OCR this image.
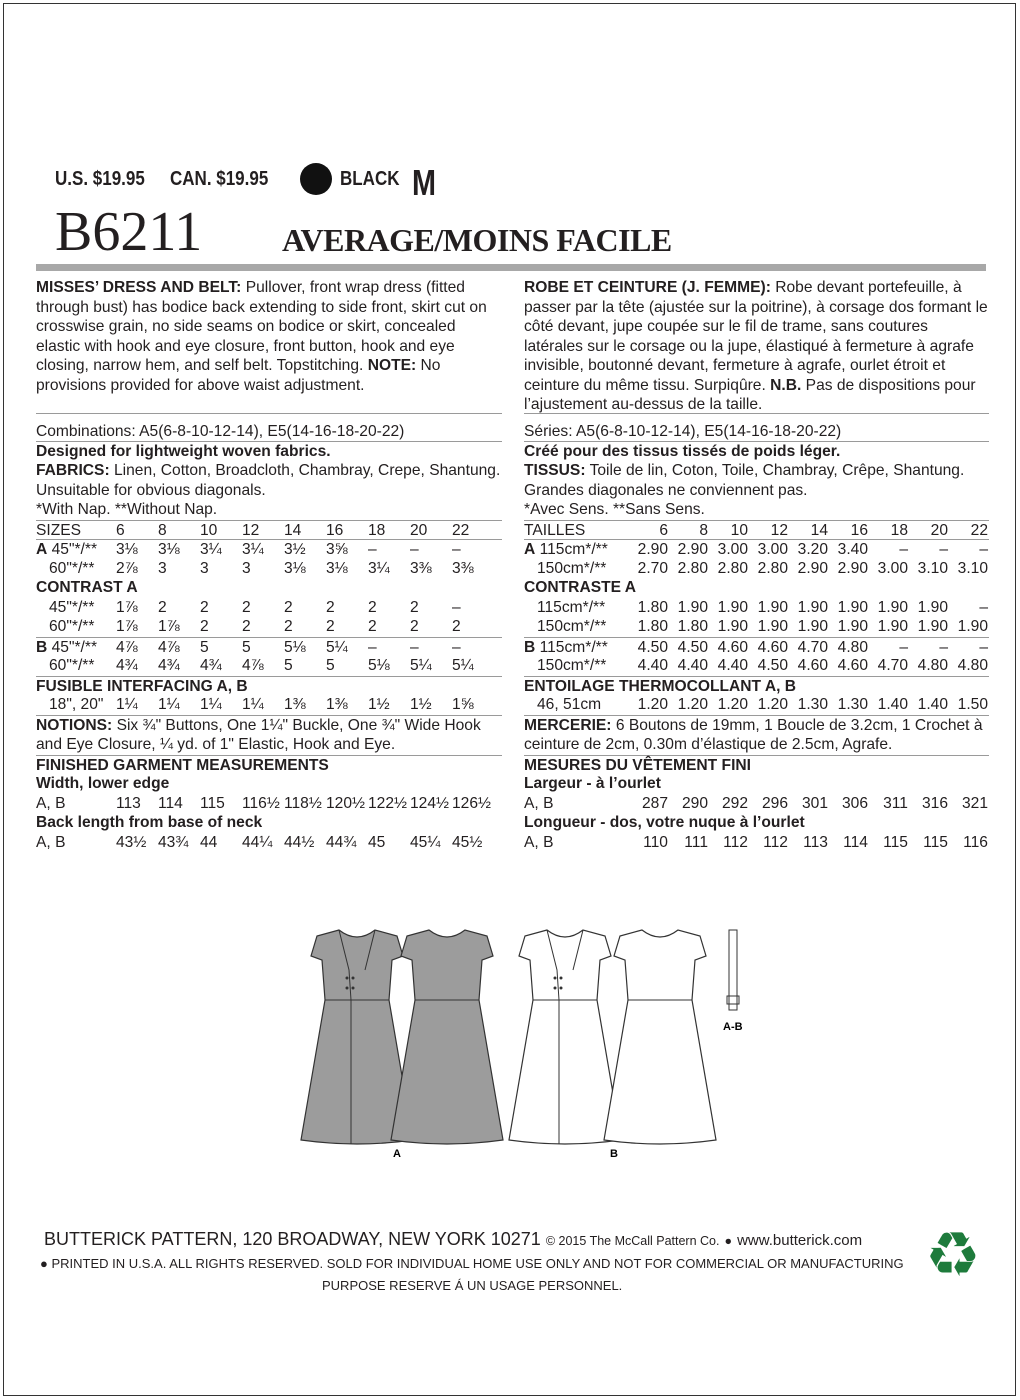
U.S. $19.95 CAN. $19.95	BLACK M
B6211 AVERAGE/MOINS FACILE
MISSES’ DRESS AND BELT: Pullover, front wrap dress (fitted through bust) has bodice back extending to side front, skirt cut on crosswise grain, no side seams on bodice or skirt, concealed elastic with hook and eye closure, front button, hook and eye closing, narrow hem, and self belt. Topstitching. NOTE: No provisions provided for above waist adjustment.
Combinations: A5(6-8-10-12-14), E5(14-16-18-20-22)
Designed for lightweight woven fabrics.
FABRICS: Linen, Cotton, Broadcloth, Chambray, Crepe, Shantung.
Unsuitable for obvious diagonals.
*With Nap. **Without Nap.
SIZES	6	8	10	12	14	16	18	20	22
A 45"*/**	3⅛	3⅛	3¼	3¼	3½	3⅝	–	–	–
60"*/**	2⅞	3	3	3	3⅛	3⅛	3¼	3⅜	3⅜
CONTRAST A
45"*/**	1⅞	2	2	2	2	2	2	2	–
60"*/**	1⅞	1⅞	2	2	2	2	2	2	2
B 45"*/**	4⅞	4⅞	5	5	5⅛	5¼	–	–	–
60"*/**	4¾	4¾	4¾	4⅞	5	5	5⅛	5¼	5¼
FUSIBLE INTERFACING A, B
18", 20" 1¼	1¼	1¼	1¼	1⅜	1⅜	1½	1½	1⅝
NOTIONS: Six ¾" Buttons, One 1¼" Buckle, One ¾" Wide Hook and Eye Closure, ¼ yd. of 1" Elastic, Hook and Eye.
FINISHED GARMENT MEASUREMENTS
Width, lower edge
A, B	113	114	115	116½ 118½ 120½ 122½ 124½ 126½
Back length from base of neck
A, B	43½ 43¾ 44	44¼ 44½ 44¾ 45	45¼ 45½
ROBE ET CEINTURE (J. FEMME): Robe devant portefeuille, à passer par la tête (ajustée sur la poitrine), à corsage dos formant le côté devant, jupe coupée sur le fil de trame, sans coutures latérales sur le corsage ou la jupe, élastiqué à fermeture à agrafe invisible, boutonné devant, fermeture à agrafe, ourlet étroit et ceinture du même tissu. Surpiqûre. N.B. Pas de dispositions pour l’ajustement au-dessus de la taille.
Séries: A5(6-8-10-12-14), E5(14-16-18-20-22)
Créé pour des tissus tissés de poids léger.
TISSUS: Toile de lin, Coton, Toile, Chambray, Crêpe, Shantung.
Grandes diagonales ne conviennent pas.
*Avec Sens. **Sans Sens.
TAILLES	6	8	10	12	14	16	18	20	22
A 115cm*/**	2.90 2.90 3.00 3.00 3.20 3.40	–	–	–
150cm*/**	2.70 2.80 2.80 2.80 2.90 2.90 3.00 3.10 3.10
CONTRASTE A
115cm*/**	1.80 1.90 1.90 1.90 1.90 1.90 1.90 1.90	–
150cm*/**	1.80 1.80 1.90 1.90 1.90 1.90 1.90 1.90 1.90
B 115cm*/**	4.50 4.50 4.60 4.60 4.70 4.80	–	–	–
150cm*/**	4.40 4.40 4.40 4.50 4.60 4.60 4.70 4.80 4.80
ENTOILAGE THERMOCOLLANT A, B
46, 51cm	1.20 1.20 1.20 1.20 1.30 1.30 1.40 1.40 1.50
MERCERIE: 6 Boutons de 19mm, 1 Boucle de 3.2cm, 1 Crochet à ceinture de 2cm, 0.30m d’élastique de 2.5cm, Agrafe.
MESURES DU VÊTEMENT FINI
Largeur - à l’ourlet
A, B	287 290 292 296 301 306 311 316 321
Longueur - dos, votre nuque à l’ourlet
A, B	110	111 112 112 113 114 115 115 116
A	B
A-B
BUTTERICK PATTERN, 120 BROADWAY, NEW YORK 10271 © 2015 The McCall Pattern Co. ● www.butterick.com
● PRINTED IN U.S.A. ALL RIGHTS RESERVED. SOLD FOR INDIVIDUAL HOME USE ONLY AND NOT FOR COMMERCIAL OR MANUFACTURING
PURPOSE RESERVE Á UN USAGE PERSONNEL.	♻
